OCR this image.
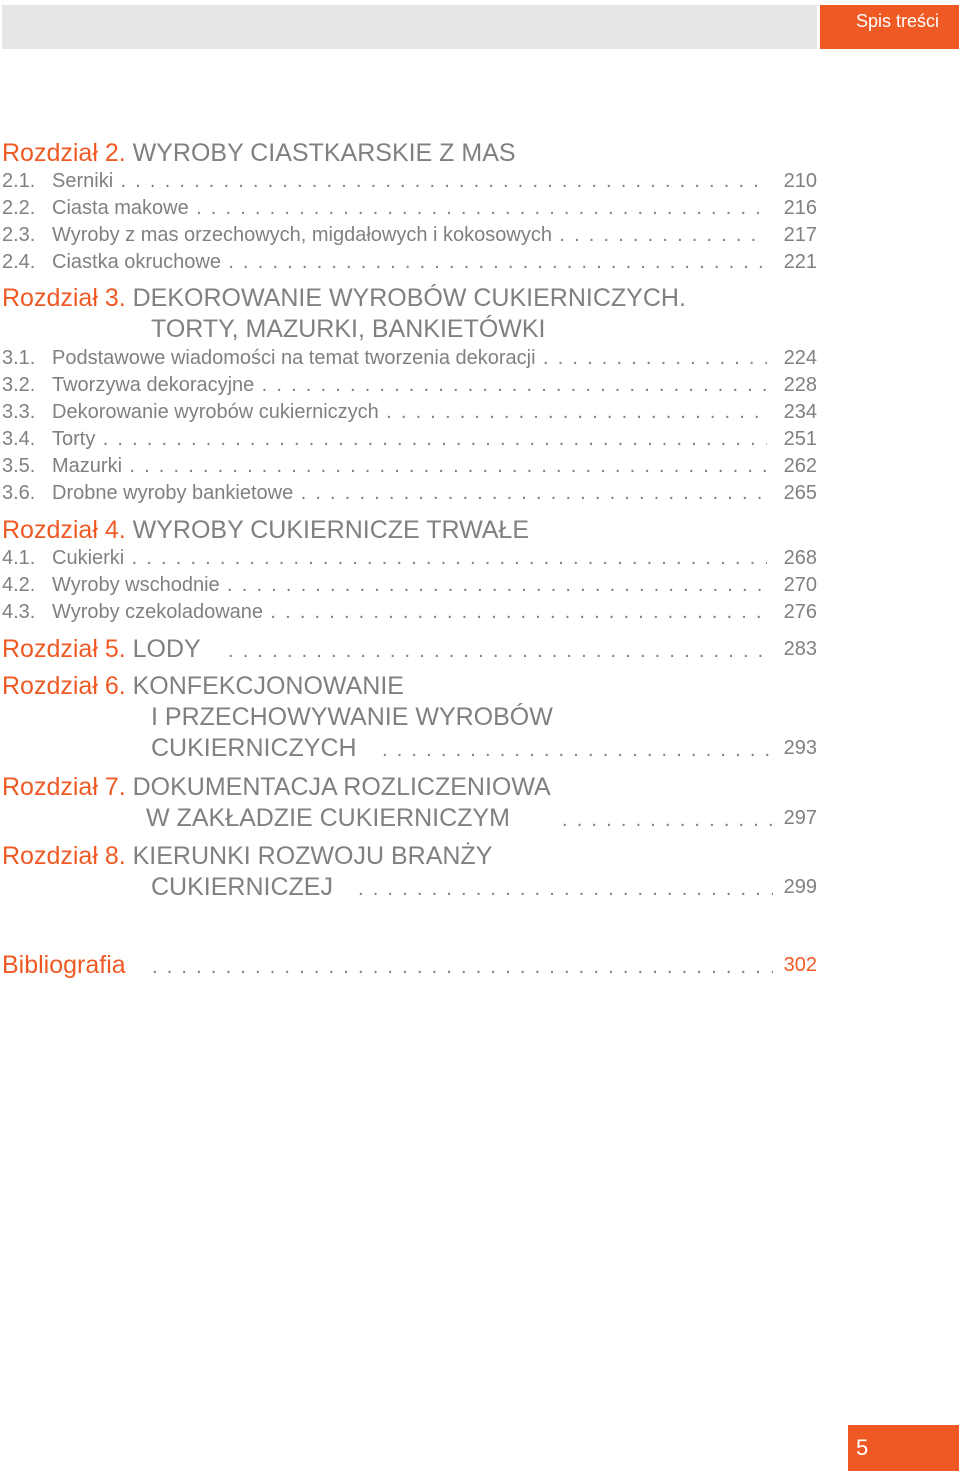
Spis treści
Rozdział 2. WYROBY CIASTKARSKIE Z MAS
2.1. Serniki . . .	210
2.2. Ciasta makowe . . .	216
2.3. Wyroby z mas orzechowych, migdałowych i kokosowych . . .	217
2.4. Ciastka okruchowe . . .	221
Rozdział 3. DEKOROWANIE WYROBÓW CUKIERNICZYCH.
TORTY, MAZURKI, BANKIETÓWKI
3.1. Podstawowe wiadomości na temat tworzenia dekoracji . . .	224
3.2. Tworzywa dekoracyjne . . .	228
3.3. Dekorowanie wyrobów cukierniczych . . .	234
3.4. Torty . . .	251
3.5. Mazurki . . .	262
3.6. Drobne wyroby bankietowe . . .	265
Rozdział 4. WYROBY CUKIERNICZE TRWAŁE
4.1. Cukierki . . .	268
4.2. Wyroby wschodnie . . .	270
4.3. Wyroby czekoladowane . . .	276
Rozdział 5. LODY . . .	283
Rozdział 6. KONFEKCJONOWANIE
I PRZECHOWYWANIE WYROBÓW
CUKIERNICZYCH . . .	293
Rozdział 7. DOKUMENTACJA ROZLICZENIOWA
W ZAKŁADZIE CUKIERNICZYM . . .	297
Rozdział 8. KIERUNKI ROZWOJU BRANŻY
CUKIERNICZEJ . . .	299
Bibliografia . . .	302
5
